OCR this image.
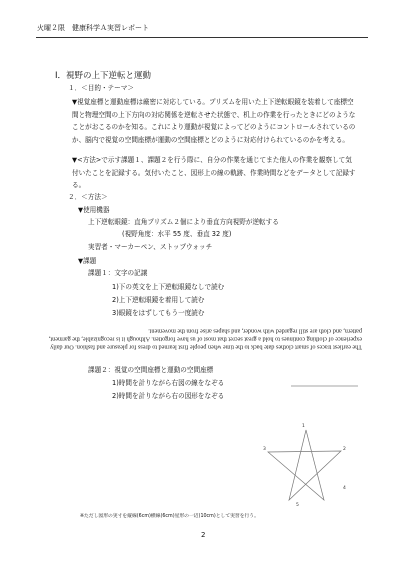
火曜２限　健康科学Ａ実習レポート
Ⅰ．視野の上下逆転と運動
１．＜目的・テーマ＞
▼視覚座標と運動座標は厳密に対応している。プリズムを用いた上下逆転眼鏡を装着して座標空間と物理空間の上下方向の対応関係を逆転させた状態で、机上の作業を行ったときにどのようなことがおこるのかを知る。これにより運動が視覚によってどのようにコントロールされているのか、脳内で視覚の空間座標が運動の空間座標とどのように対応付けられているのかを考える。
▼<方法>で示す課題１、課題２を行う際に、自分の作業を通じてまた他人の作業を観察して気付いたことを記録する。気付いたこと、図形上の線の軌跡、作業時間などをデータとして記録する。
２．＜方法＞
▼使用機器
上下逆転眼鏡：直角プリズム２個により垂直方向視野が逆転する
(視野角度：水平 55 度、垂直 32 度)
実習者・マーカーペン、ストップウォッチ
▼課題
課題１：文字の記譲
1)下の英文を上下逆転眼鏡なしで読む
2)上下逆転眼鏡を着用して読む
3)眼鏡をはずしてもう一度読む
The earliest traces of smart clothes date back to the time when people first learned to dress for pleasure and fashion. Our daily experience of clothing continues to hold a great secret that most of us have forgotten. Although it is recognizable, the garment, pattern, and cloth are still regarded with wonder, and shapes arise from the movement.
課題２：視覚の空間座標と運動の空間座標
1)時間を計りながら右図の線をなぞる
2)時間を計りながら右の図形をなぞる
1
2
3
4
5
※ただし図形の実寸を縦線(6cm)横線(6cm)星形の一辺(10cm)として実習を行う。
2
